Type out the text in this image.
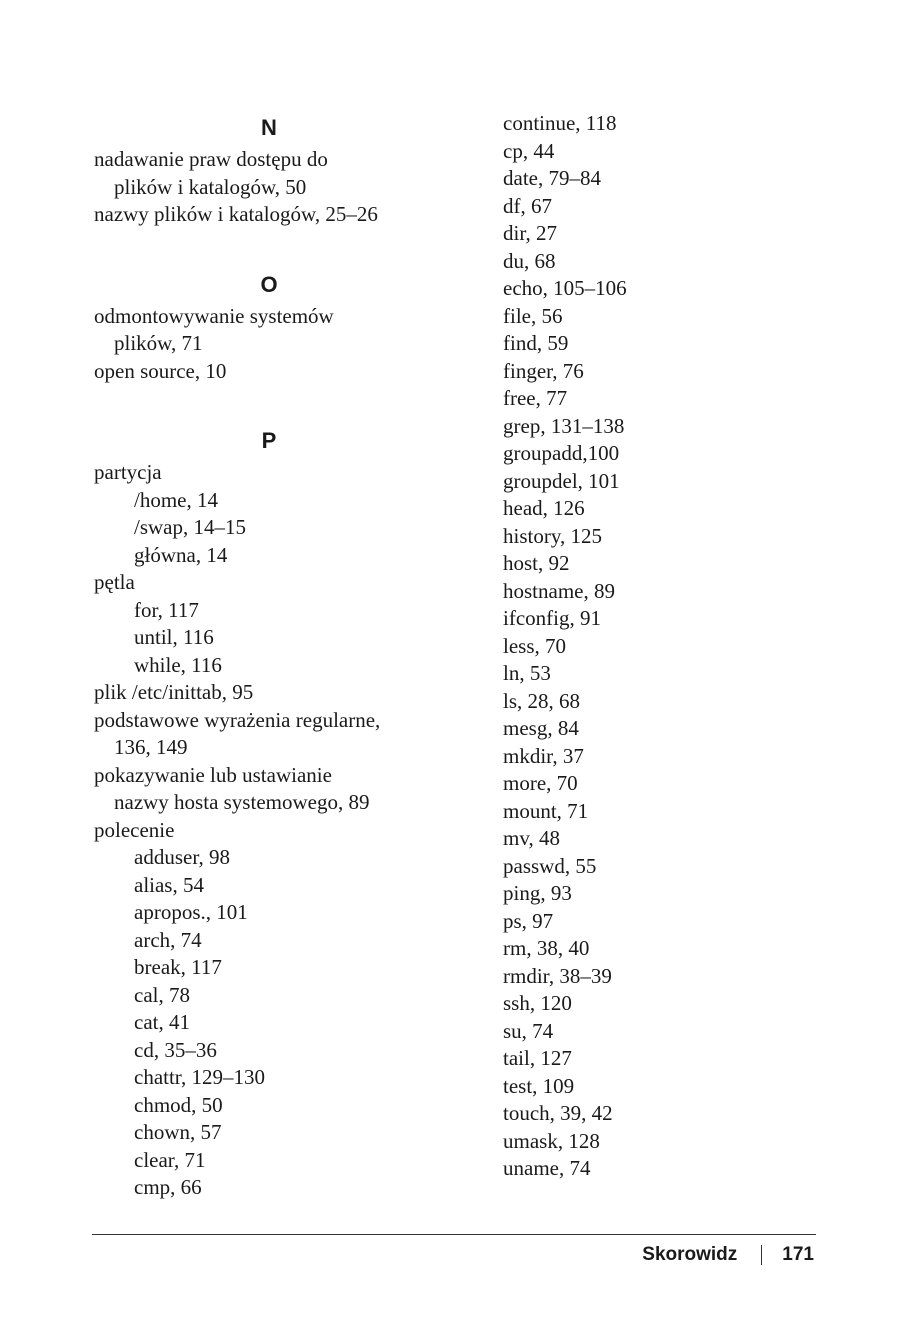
N
nadawanie praw dostępu do
plików i katalogów, 50
nazwy plików i katalogów, 25–26
O
odmontowywanie systemów
plików, 71
open source, 10
P
partycja
/home, 14
/swap, 14–15
główna, 14
pętla
for, 117
until, 116
while, 116
plik /etc/inittab, 95
podstawowe wyrażenia regularne,
136, 149
pokazywanie lub ustawianie
nazwy hosta systemowego, 89
polecenie
adduser, 98
alias, 54
apropos., 101
arch, 74
break, 117
cal, 78
cat, 41
cd, 35–36
chattr, 129–130
chmod, 50
chown, 57
clear, 71
cmp, 66
continue, 118
cp, 44
date, 79–84
df, 67
dir, 27
du, 68
echo, 105–106
file, 56
find, 59
finger, 76
free, 77
grep, 131–138
groupadd,100
groupdel, 101
head, 126
history, 125
host, 92
hostname, 89
ifconfig, 91
less, 70
ln, 53
ls, 28, 68
mesg, 84
mkdir, 37
more, 70
mount, 71
mv, 48
passwd, 55
ping, 93
ps, 97
rm, 38, 40
rmdir, 38–39
ssh, 120
su, 74
tail, 127
test, 109
touch, 39, 42
umask, 128
uname, 74
Skorowidz 171
